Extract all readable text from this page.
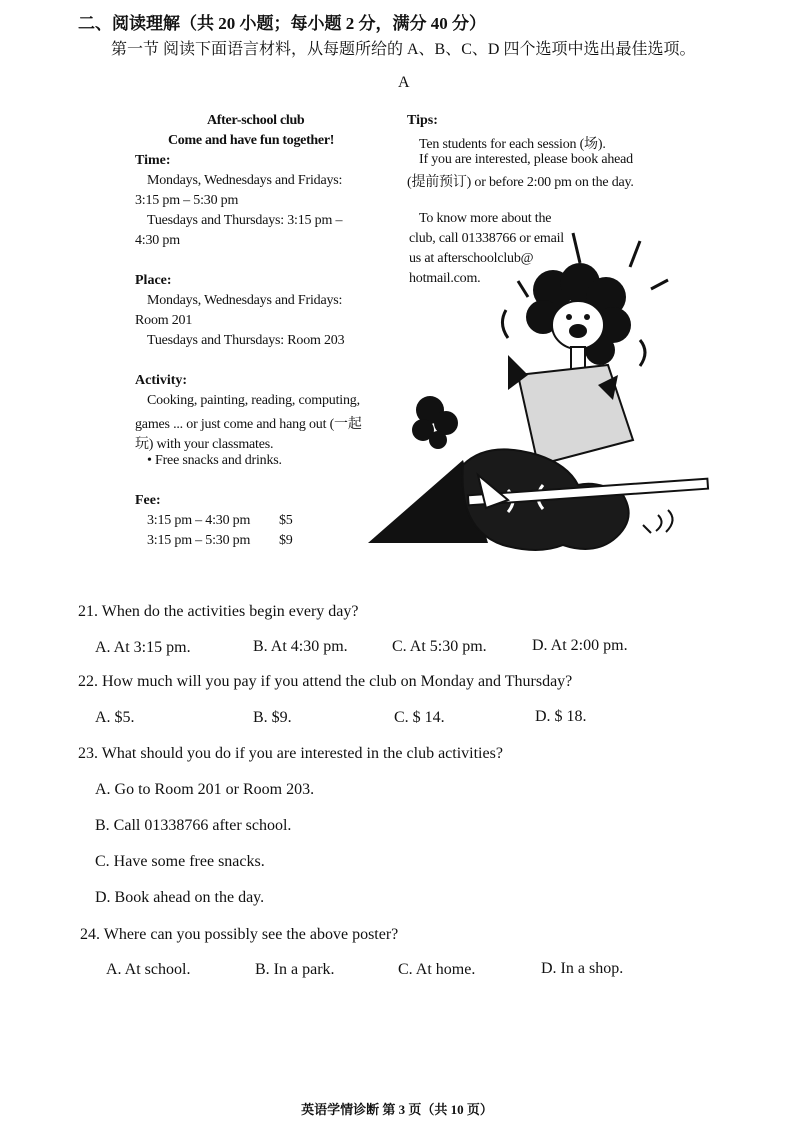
二、阅读理解（共 20 小题；每小题 2 分，满分 40 分）
第一节 阅读下面语言材料，从每题所给的 A、B、C、D 四个选项中选出最佳选项。
A
After-school club
Come and have fun together!
Time:
Mondays, Wednesdays and Fridays:
3:15 pm – 5:30 pm
Tuesdays and Thursdays: 3:15 pm –
4:30 pm
Place:
Mondays, Wednesdays and Fridays:
Room 201
Tuesdays and Thursdays: Room 203
Activity:
Cooking, painting, reading, computing,
games ... or just come and hang out (一起
玩) with your classmates.
• Free snacks and drinks.
Fee:
3:15 pm – 4:30 pm $5
3:15 pm – 5:30 pm $9
Tips:
Ten students for each session (场).
If you are interested, please book ahead
(提前预订) or before 2:00 pm on the day.
To know more about the
club, call 01338766 or email
us at afterschoolclub@
hotmail.com.
21. When do the activities begin every day?
A. At 3:15 pm.	B. At 4:30 pm.	C. At 5:30 pm.	D. At 2:00 pm.
22. How much will you pay if you attend the club on Monday and Thursday?
A. $5.	B. $9.	C. $ 14.	D. $ 18.
23. What should you do if you are interested in the club activities?
A. Go to Room 201 or Room 203.
B. Call 01338766 after school.
C. Have some free snacks.
D. Book ahead on the day.
24. Where can you possibly see the above poster?
A. At school.	B. In a park.	C. At home.	D. In a shop.
英语学情诊断 第 3 页（共 10 页）
